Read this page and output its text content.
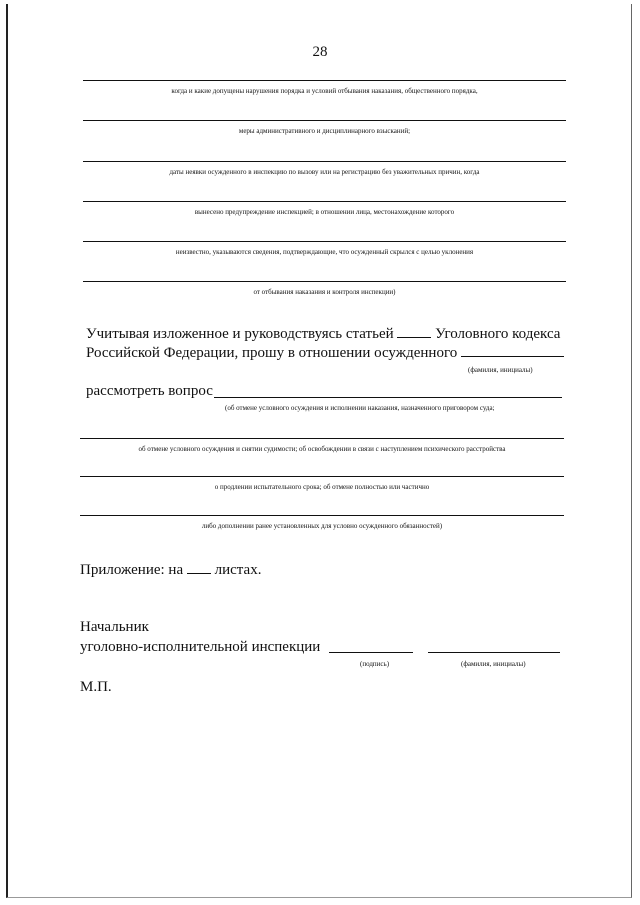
28
когда и какие допущены нарушения порядка и условий отбывания наказания, общественного порядка,
меры административного и дисциплинарного взысканий;
даты неявки осужденного в инспекцию по вызову или на регистрацию без уважительных причин, когда
вынесено предупреждение инспекцией; в отношении лица, местонахождение которого
неизвестно, указываются сведения, подтверждающие, что осужденный скрылся с целью уклонения
от отбывания наказания и контроля инспекции)
Учитывая изложенное и руководствуясь статьей	Уголовного кодекса
Российской Федерации, прошу в отношении осужденного
(фамилия, инициалы)
рассмотреть вопрос
(об отмене условного осуждения и исполнении наказания, назначенного приговором суда;
об отмене условного осуждения и снятии судимости; об освобождении в связи с наступлением психического расстройства
о продлении испытательного срока; об отмене полностью или частично
либо дополнении ранее установленных для условно осужденного обязанностей)
Приложение: на листах.
Начальник
уголовно-исполнительной инспекции
(подпись)	(фамилия, инициалы)
М.П.
